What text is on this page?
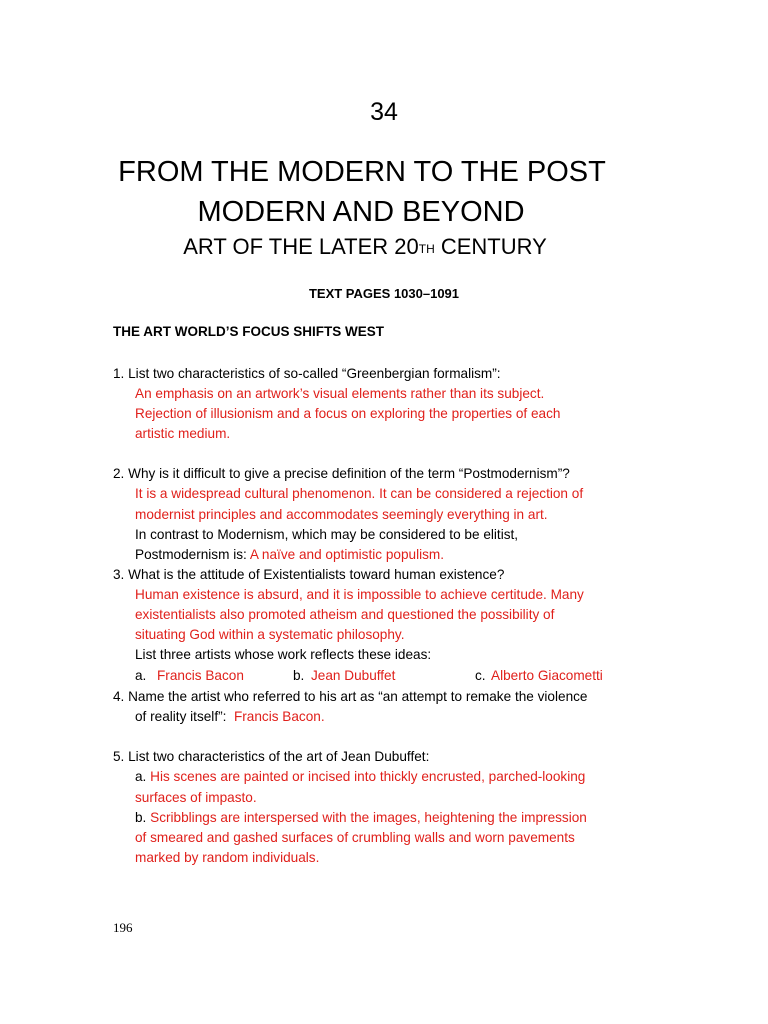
34
FROM THE MODERN TO THE POST
MODERN AND BEYOND
ART OF THE LATER 20TH CENTURY
TEXT PAGES 1030–1091
THE ART WORLD’S FOCUS SHIFTS WEST
1. List two characteristics of so-called “Greenbergian formalism”:
An emphasis on an artwork’s visual elements rather than its subject.
Rejection of illusionism and a focus on exploring the properties of each
artistic medium.
2. Why is it difficult to give a precise definition of the term “Postmodernism”?
It is a widespread cultural phenomenon. It can be considered a rejection of
modernist principles and accommodates seemingly everything in art.
In contrast to Modernism, which may be considered to be elitist,
Postmodernism is: A naïve and optimistic populism.
3. What is the attitude of Existentialists toward human existence?
Human existence is absurd, and it is impossible to achieve certitude. Many
existentialists also promoted atheism and questioned the possibility of
situating God within a systematic philosophy.
List three artists whose work reflects these ideas:
a. Francis Bacon	b. Jean Dubuffet	c. Alberto Giacometti
4. Name the artist who referred to his art as “an attempt to remake the violence
of reality itself”: Francis Bacon.
5. List two characteristics of the art of Jean Dubuffet:
a. His scenes are painted or incised into thickly encrusted, parched-looking
surfaces of impasto.
b. Scribblings are interspersed with the images, heightening the impression
of smeared and gashed surfaces of crumbling walls and worn pavements
marked by random individuals.
196
